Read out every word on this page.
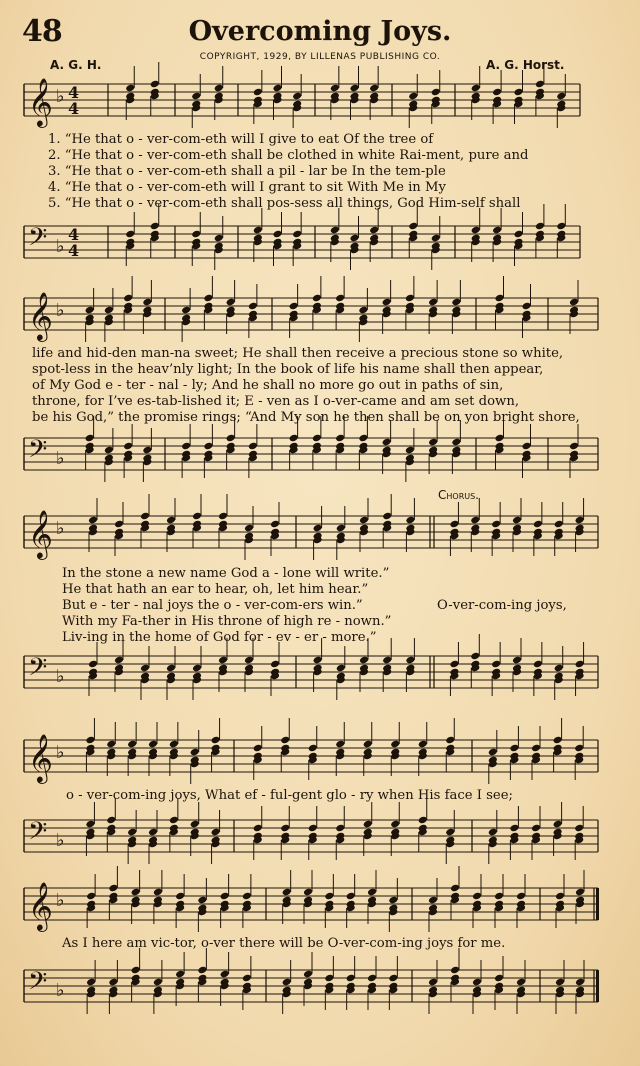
48	Overcoming Joys.
COPYRIGHT, 1929, BY LILLENAS PUBLISHING CO.
A. G. H.	A. G. Horst.
𝄞 ♭ 4
4
𝄢 ♭
4
4
1. “He that o - ver-com-eth will I give to eat Of the tree of
2. “He that o - ver-com-eth shall be clothed in white Rai-ment, pure and
3. “He that o - ver-com-eth shall a pil - lar be In the tem-ple
4. “He that o - ver-com-eth will I grant to sit With Me in My
5. “He that o - ver-com-eth shall pos-sess all things, God Him-self shall
𝄞 ♭
𝄢 ♭
life and hid-den man-na sweet; He shall then receive a precious stone so white,
spot-less in the heav’nly light; In the book of life his name shall then appear,
of My God e - ter - nal - ly; And he shall no more go out in paths of sin,
throne, for I’ve es-tab-lished it; E - ven as I o-ver-came and am set down,
be his God,” the promise rings; “And My son he then shall be on yon bright shore,
Chorus.
𝄞 ♭
𝄢 ♭
In the stone a new name God a - lone will write.”
He that hath an ear to hear, oh, let him hear.”
But e - ter - nal joys the o - ver-com-ers win.”
With my Fa-ther in His throne of high re - nown.”
Liv-ing in the home of God for - ev - er - more.”
O-ver-com-ing joys,
𝄞 ♭
𝄢 ♭
o - ver-com-ing joys, What ef - ful-gent glo - ry when His face I see;
𝄞 ♭
𝄢 ♭
As I here am vic-tor, o-ver there will be O-ver-com-ing joys for me.
